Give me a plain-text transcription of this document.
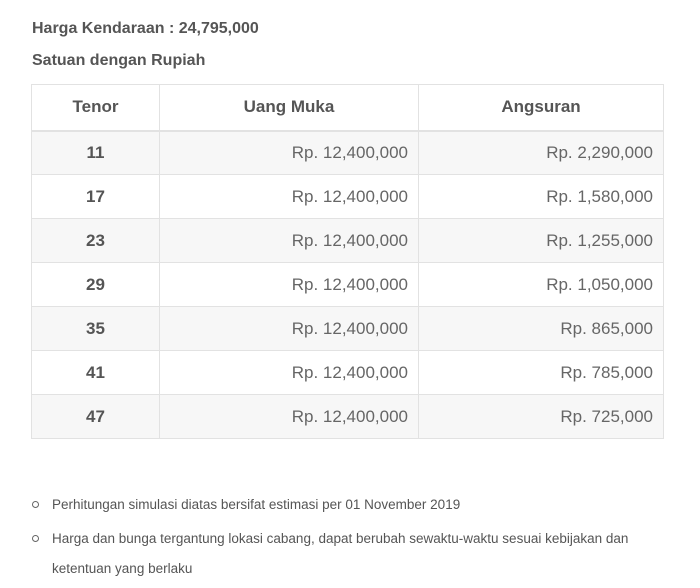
Harga Kendaraan : 24,795,000
Satuan dengan Rupiah
Tenor	Uang Muka	Angsuran
11	Rp. 12,400,000	Rp. 2,290,000
17	Rp. 12,400,000	Rp. 1,580,000
23	Rp. 12,400,000	Rp. 1,255,000
29	Rp. 12,400,000	Rp. 1,050,000
35	Rp. 12,400,000	Rp. 865,000
41	Rp. 12,400,000	Rp. 785,000
47	Rp. 12,400,000	Rp. 725,000
Perhitungan simulasi diatas bersifat estimasi per 01 November 2019
Harga dan bunga tergantung lokasi cabang, dapat berubah sewaktu-waktu sesuai kebijakan dan ketentuan yang berlaku
